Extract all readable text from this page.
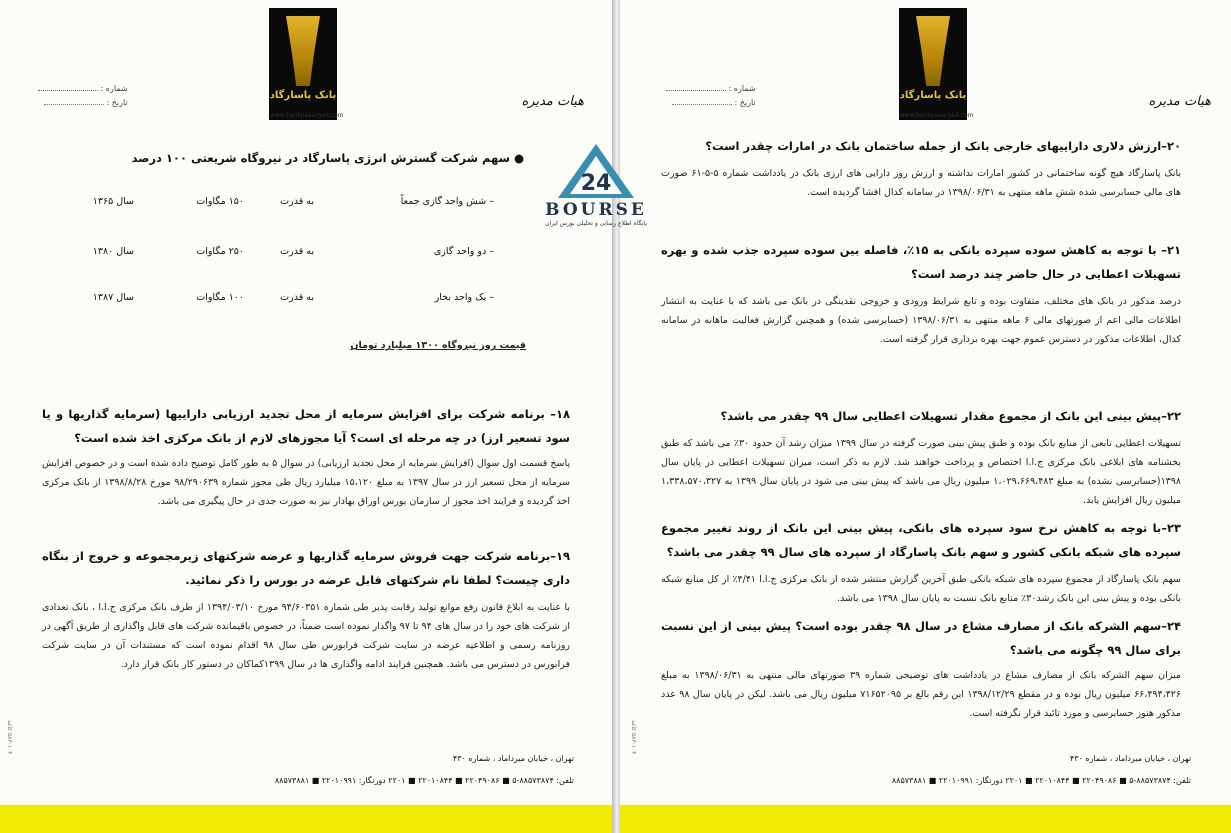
بانک پاسارگاد
www.bankpasargad.com
هیات مدیره
شماره :
تاریخ :
● سهم شرکت گسترش انرژی پاسارگاد در نیروگاه شریعتی ۱۰۰ درصد
– شش واحد گازی جمعاً
به قدرت
۱۵۰ مگاوات
سال ۱۳۶۵
– دو واحد گازی
به قدرت
۲۵۰ مگاوات
سال ۱۳۸۰
– یک واحد بخار
به قدرت
۱۰۰ مگاوات
سال ۱۳۸۷
قیمت روز نیروگاه ۱۳۰۰ میلیارد تومان
۱۸– برنامه شرکت برای افزایش سرمایه از محل تجدید ارزیابی داراییها (سرمایه گذاریها و یا سود تسعیر ارز) در چه مرحله ای است؟ آیا مجوزهای لازم از بانک مرکزی اخذ شده است؟
پاسخ قسمت اول سوال (افزایش سرمایه از محل تجدید ارزیابی) در سوال ۵ به طور کامل توضیح داده شده است و در خصوص افزایش سرمایه از محل تسعیر ارز در سال ۱۳۹۷ به مبلغ ۱۵،۱۲۰ میلیارد ریال طی مجوز شماره ۹۸/۲۹۰۶۳۹ مورخ ۱۳۹۸/۸/۲۸ از بانک مرکزی اخذ گردیده و فرایند اخذ مجوز از سازمان بورس اوراق بهادار نیز به صورت جدی در حال پیگیری می باشد.
۱۹–برنامه شرکت جهت فروش سرمایه گذاریها و عرضه شرکتهای زیرمجموعه و خروج از بنگاه داری چیست؟ لطفا نام شرکتهای قابل عرضه در بورس را ذکر نمائید.
با عنایت به ابلاغ قانون رفع موانع تولید رقابت پذیر طی شماره ۹۴/۶۰۳۵۱ مورخ ۱۳۹۴/۰۳/۱۰ از طرف بانک مرکزی ج.ا.ا ، بانک تعدادی از شرکت های خود را در سال های ۹۴ تا ۹۷ واگذار نموده است ضمناً، در خصوص باقیمانده شرکت های قابل واگذاری از طریق آگهی در روزنامه رسمی و اطلاعیه عرضه در سایت شرکت فرابورس طی سال ۹۸ اقدام نموده است که مستندات آن در سایت شرکت فرابورس در دسترس می باشد. همچنین فرایند ادامه واگذاری ها در سال ۱۳۹۹کماکان در دستور کار بانک قرار دارد.
تهران ، خیابان میرداماد ، شماره ۴۳۰
تلفن: ۸۸۵۷۳۸۷۴-۵ ■ ۲۲۰۴۹۰۸۶ ■ ۲۲۰۱۰۸۴۴ ■ ۲۲۰۱ دورنگار: ۲۲۰۱۰۹۹۱ ■ ۸۸۵۷۳۸۸۱
۵۸۳-۱۰۴ کاغذ
بانک پاسارگاد
www.bankpasargad.com
هیات مدیره
شماره :
تاریخ :
۲۰–ارزش دلاری داراییهای خارجی بانک از جمله ساختمان بانک در امارات چقدر است؟
بانک پاسارگاد هیچ گونه ساختمانی در کشور امارات نداشته و ارزش روز دارایی های ارزی بانک در یادداشت شماره ۵-۵-۶۱ صورت های مالی حسابرسی شده شش ماهه منتهی به ۱۳۹۸/۰۶/۳۱ در سامانه کدال افشا گردیده است.
۲۱– با توجه به کاهش سوده سپرده بانکی به ۱۵٪، فاصله بین سوده سپرده جذب شده و بهره تسهیلات اعطایی در حال حاضر چند درصد است؟
درصد مذکور در بانک های مختلف، متفاوت بوده و تابع شرایط ورودی و خروجی نقدینگی در بانک می باشد که با عنایت به انتشار اطلاعات مالی اعم از صورتهای مالی ۶ ماهه منتهی به ۱۳۹۸/۰۶/۳۱ (حسابرسی شده) و همچنین گزارش فعالیت ماهانه در سامانه کدال، اطلاعات مذکور در دسترس عموم جهت بهره برداری قرار گرفته است.
۲۲–پیش بینی این بانک از مجموع مقدار تسهیلات اعطایی سال ۹۹ چقدر می باشد؟
تسهیلات اعطایی تابعی از منابع بانک بوده و طبق پیش بینی صورت گرفته در سال ۱۳۹۹ میزان رشد آن حدود ۳۰٪ می باشد که طبق بخشنامه های ابلاغی بانک مرکزی ج.ا.ا اختصاص و پرداخت خواهند شد. لازم به ذکر است، میزان تسهیلات اعطایی در پایان سال ۱۳۹۸(حسابرسی نشده) به مبلغ ۱،۰۲۹،۶۶۹،۴۸۳ میلیون ریال می باشد که پیش بینی می شود در پایان سال ۱۳۹۹ به ۱،۳۳۸،۵۷۰،۳۲۷ میلیون ریال افزایش یابد.
۲۳–با توجه به کاهش نرخ سود سپرده های بانکی، پیش بینی این بانک از روند تغییر مجموع سپرده های شبکه بانکی کشور و سهم بانک پاسارگاد از سپرده های سال ۹۹ چقدر می باشد؟
سهم بانک پاسارگاد از مجموع سپرده های شبکه بانکی طبق آخرین گزارش منتشر شده از بانک مرکزی ج.ا.ا ۴/۴۱٪ از کل منابع شبکه بانکی بوده و پیش بینی این بانک رشد۳۰٪ منابع بانک نسبت به پایان سال ۱۳۹۸ می باشد.
۲۴–سهم الشرکه بانک از مصارف مشاع در سال ۹۸ چقدر بوده است؟ پیش بینی از این نسبت برای سال ۹۹ چگونه می باشد؟
میزان سهم الشرکه بانک از مصارف مشاع در یادداشت های توضیحی شماره ۳۹ صورتهای مالی منتهی به ۱۳۹۸/۰۶/۳۱ به مبلغ ۶۶،۴۹۴،۴۲۶ میلیون ریال بوده و در مقطع ۱۳۹۸/۱۲/۲۹ این رقم بالغ بر ۷۱۶۵۲۰۹۵ میلیون ریال می باشد. لیکن در پایان سال ۹۸ عدد مذکور هنوز حسابرسی و مورد تائید قرار نگرفته است.
تهران ، خیابان میرداماد ، شماره ۴۳۰
تلفن: ۸۸۵۷۳۸۷۴-۵ ■ ۲۲۰۴۹۰۸۶ ■ ۲۲۰۱۰۸۴۴ ■ ۲۲۰۱ دورنگار: ۲۲۰۱۰۹۹۱ ■ ۸۸۵۷۳۸۸۱
۵۸۳-۱۰۴ کاغذ
24
BOURSE
پایگاه اطلاع رسانی و تحلیلی بورس ایران
